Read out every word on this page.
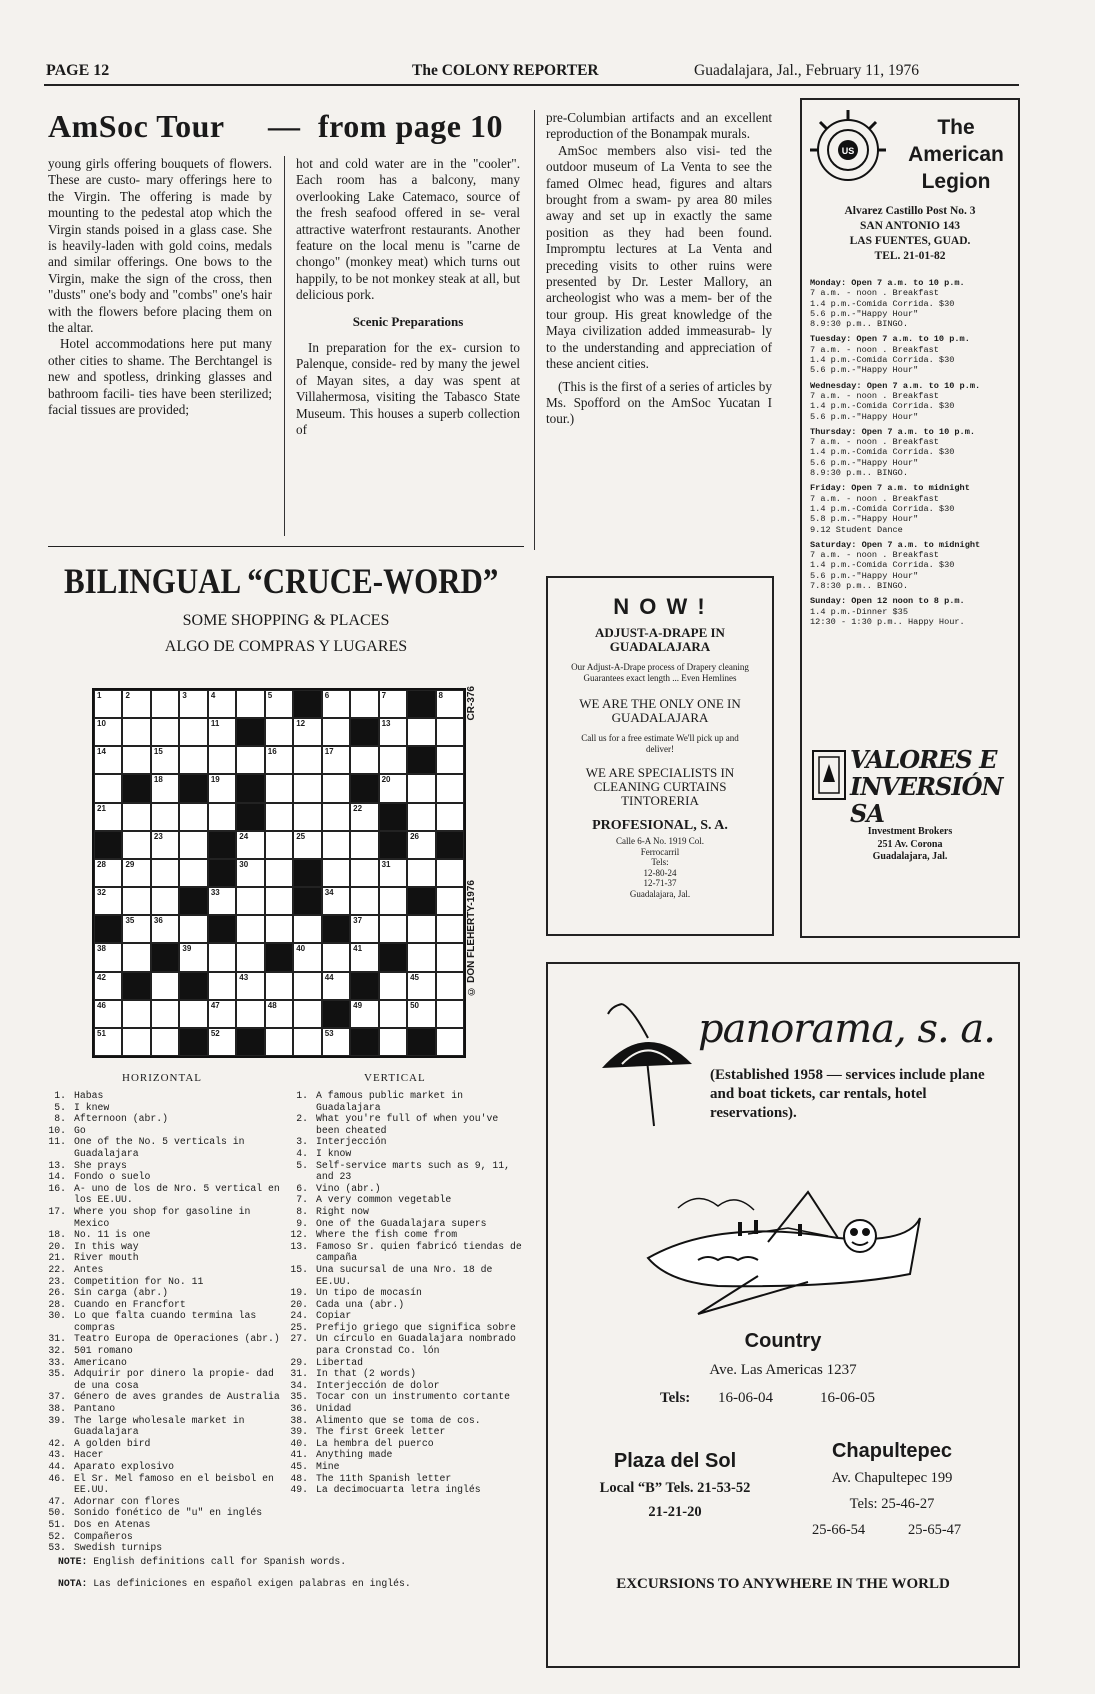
PAGE 12	The COLONY REPORTER	Guadalajara, Jal., February 11, 1976
AmSoc Tour — from page 10

young girls offering bouquets of flowers. These are custo- mary offerings here to the Virgin. The offering is made by mounting to the pedestal atop which the Virgin stands poised in a glass case. She is heavily-laden with gold coins, medals and similar offerings. One bows to the Virgin, make the sign of the cross, then "dusts" one's body and "combs" one's hair with the flowers before placing them on the altar.

Hotel accommodations here put many other cities to shame. The Berchtangel is new and spotless, drinking glasses and bathroom facili- ties have been sterilized; facial tissues are provided;

hot and cold water are in the "cooler". Each room has a balcony, many overlooking Lake Catemaco, source of the fresh seafood offered in se- veral attractive waterfront restaurants. Another feature on the local menu is "carne de chongo" (monkey meat) which turns out happily, to be not monkey steak at all, but delicious pork.

Scenic Preparations

In preparation for the ex- cursion to Palenque, conside- red by many the jewel of Mayan sites, a day was spent at Villahermosa, visiting the Tabasco State Museum. This houses a superb collection of

pre-Columbian artifacts and an excellent reproduction of the Bonampak murals.

AmSoc members also visi- ted the outdoor museum of La Venta to see the famed Olmec head, figures and altars brought from a swam- py area 80 miles away and set up in exactly the same position as they had been found. Impromptu lectures at La Venta and preceding visits to other ruins were presented by Dr. Lester Mallory, an archeologist who was a mem- ber of the tour group. His great knowledge of the Maya civilization added immeasurab- ly to the understanding and appreciation of these ancient cities.

(This is the first of a series of articles by Ms. Spofford on the AmSoc Yucatan I tour.)

BILINGUAL “CRUCE-WORD”
SOME SHOPPING & PLACES
ALGO DE COMPRAS Y LUGARES
1	2	3	4	5	6	7	8
10	11	12	13
14	15	16	17
18	19	20
21	22
23	24	25	26
28 29	30	31
32	33	34
35 36	37
38	39	40	41
42	43	44	45
46	47	48	49	50
51	52	53
CR-376
© DON FLEHERTY-1976
HORIZONTAL	VERTICAL
1. Habas
5. I knew
8. Afternoon (abr.)
10. Go
11. One of the No. 5 verticals in Guadalajara
13. She prays
14. Fondo o suelo
16. A- uno de los de Nro. 5 vertical en los EE.UU.
17. Where you shop for gasoline in Mexico
18. No. 11 is one
20. In this way
21. River mouth
22. Antes
23. Competition for No. 11
26. Sin carga (abr.)
28. Cuando en Francfort
30. Lo que falta cuando termina las compras
31. Teatro Europa de Operaciones (abr.)
32. 501 romano
33. Americano
35. Adquirir por dinero la propie- dad de una cosa
37. Género de aves grandes de Australia
38. Pantano
39. The large wholesale market in Guadalajara
42. A golden bird
43. Hacer
44. Aparato explosivo
46. El Sr. Mel famoso en el beisbol en EE.UU.
47. Adornar con flores
50. Sonido fonético de "u" en inglés
51. Dos en Atenas
52. Compañeros
53. Swedish turnips
1. A famous public market in Guadalajara
2. What you're full of when you've been cheated
3. Interjección
4. I know
5. Self-service marts such as 9, 11, and 23
6. Vino (abr.)
7. A very common vegetable
8. Right now
9. One of the Guadalajara supers
12. Where the fish come from
13. Famoso Sr. quien fabricó tiendas de campaña
15. Una sucursal de una Nro. 18 de EE.UU.
19. Un tipo de mocasín
20. Cada una (abr.)
24. Copiar
25. Prefijo griego que significa sobre
27. Un círculo en Guadalajara nombrado para Cronstad Co. lón
29. Libertad
31. In that (2 words)
34. Interjección de dolor
35. Tocar con un instrumento cortante
36. Unidad
38. Alimento que se toma de cos.
39. The first Greek letter
40. La hembra del puerco
41. Anything made
45. Mine
48. The 11th Spanish letter
49. La decimocuarta letra inglés
NOTE: English definitions call for Spanish words.
NOTA: Las definiciones en español exigen palabras en inglés.
N O W !
ADJUST-A-DRAPE IN GUADALAJARA
Our Adjust-A-Drape process of Drapery cleaning Guarantees exact length ... Even Hemlines
WE ARE THE ONLY ONE IN GUADALAJARA
Call us for a free estimate We'll pick up and deliver!
WE ARE SPECIALISTS IN CLEANING CURTAINS
TINTORERIA
PROFESIONAL, S. A.
Calle 6-A No. 1919 Col. Ferrocarril
Tels:
12-80-24
12-71-37
Guadalajara, Jal.
US
The
American
Legion
Alvarez Castillo Post No. 3
SAN ANTONIO 143
LAS FUENTES, GUAD.
TEL. 21-01-82
Monday: Open 7 a.m. to 10 p.m.
7 a.m. - noon . Breakfast
1.4 p.m.-Comida Corrida. $30
5.6 p.m.-"Happy Hour"
8.9:30 p.m.. BINGO.
Tuesday: Open 7 a.m. to 10 p.m.
7 a.m. - noon . Breakfast
1.4 p.m.-Comida Corrida. $30
5.6 p.m.-"Happy Hour"
Wednesday: Open 7 a.m. to 10 p.m.
7 a.m. - noon . Breakfast
1.4 p.m.-Comida Corrida. $30
5.6 p.m.-"Happy Hour"
Thursday: Open 7 a.m. to 10 p.m.
7 a.m. - noon . Breakfast
1.4 p.m.-Comida Corrida. $30
5.6 p.m.-"Happy Hour"
8.9:30 p.m.. BINGO.
Friday: Open 7 a.m. to midnight
7 a.m. - noon . Breakfast
1.4 p.m.-Comida Corrida. $30
5.8 p.m.-"Happy Hour"
9.12 Student Dance
Saturday: Open 7 a.m. to midnight
7 a.m. - noon . Breakfast
1.4 p.m.-Comida Corrida. $30
5.6 p.m.-"Happy Hour"
7.8:30 p.m.. BINGO.
Sunday: Open 12 noon to 8 p.m.
1.4 p.m.-Dinner $35
12:30 - 1:30 p.m.. Happy Hour.
VALORES E INVERSIÓN SA
Investment Brokers
251 Av. Corona
Guadalajara, Jal.
panorama, s. a.
(Established 1958 — services include plane and boat tickets, car rentals, hotel reservations).
Country
Ave. Las Americas 1237
Tels: 16-06-04	16-06-05
Plaza del Sol
Local “B” Tels. 21-53-52
21-21-20
Chapultepec
Av. Chapultepec 199
Tels: 25-46-27
25-66-54	25-65-47
EXCURSIONS TO ANYWHERE IN THE WORLD
